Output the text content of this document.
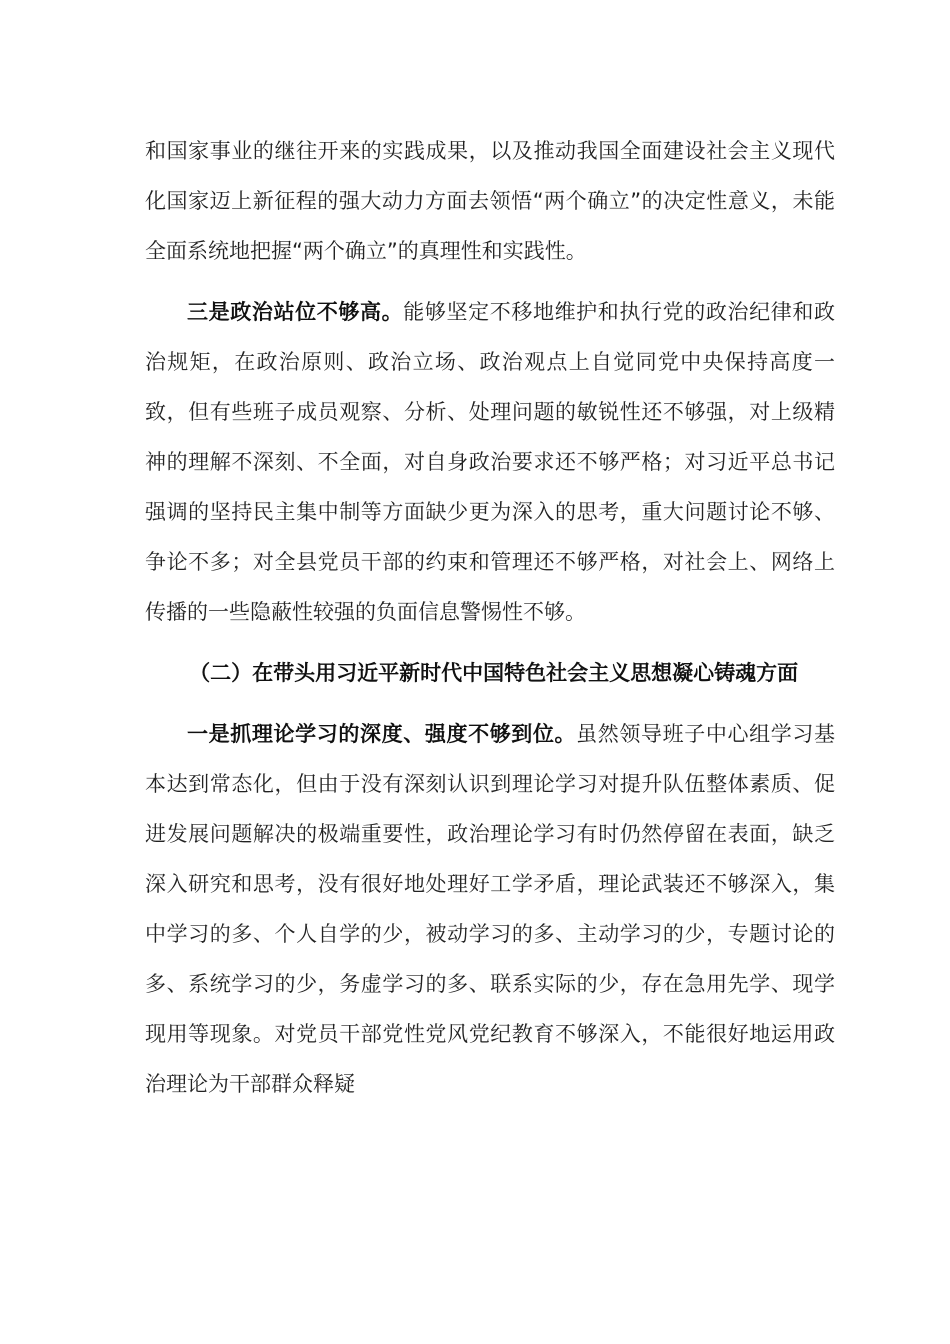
和国家事业的继往开来的实践成果，以及推动我国全面建设社会主义现代化国家迈上新征程的强大动力方面去领悟“两个确立”的决定性意义，未能全面系统地把握“两个确立”的真理性和实践性。

三是政治站位不够高。能够坚定不移地维护和执行党的政治纪律和政治规矩，在政治原则、政治立场、政治观点上自觉同党中央保持高度一致，但有些班子成员观察、分析、处理问题的敏锐性还不够强，对上级精神的理解不深刻、不全面，对自身政治要求还不够严格；对习近平总书记强调的坚持民主集中制等方面缺少更为深入的思考，重大问题讨论不够、争论不多；对全县党员干部的约束和管理还不够严格，对社会上、网络上传播的一些隐蔽性较强的负面信息警惕性不够。

（二）在带头用习近平新时代中国特色社会主义思想凝心铸魂方面

一是抓理论学习的深度、强度不够到位。虽然领导班子中心组学习基本达到常态化，但由于没有深刻认识到理论学习对提升队伍整体素质、促进发展问题解决的极端重要性，政治理论学习有时仍然停留在表面，缺乏深入研究和思考，没有很好地处理好工学矛盾，理论武装还不够深入，集中学习的多、个人自学的少，被动学习的多、主动学习的少，专题讨论的多、系统学习的少，务虚学习的多、联系实际的少，存在急用先学、现学现用等现象。对党员干部党性党风党纪教育不够深入，不能很好地运用政治理论为干部群众释疑
